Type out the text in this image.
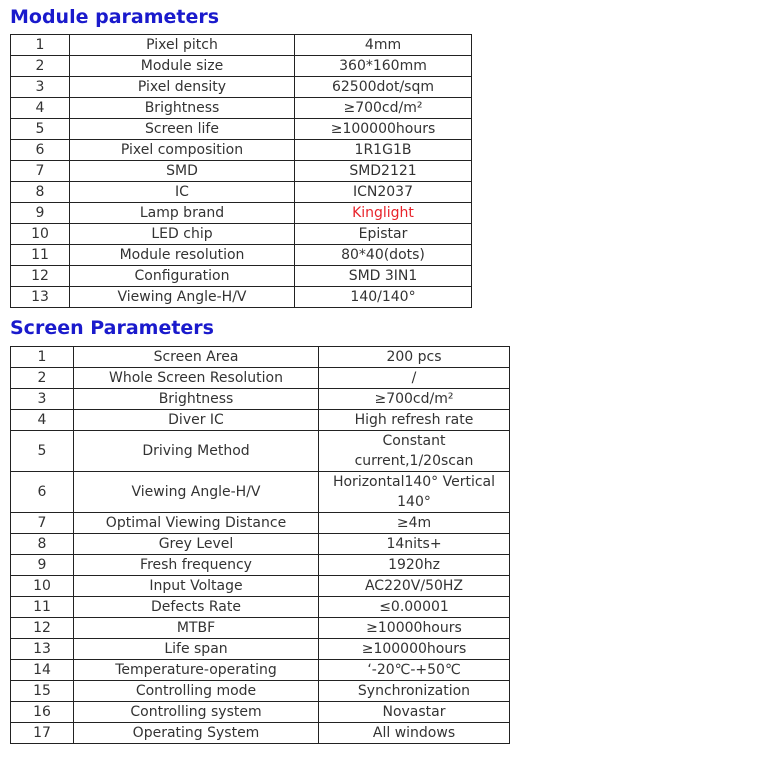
Module parameters
1	Pixel pitch	4mm
2	Module size	360*160mm
3	Pixel density	62500dot/sqm
4	Brightness	≥700cd/m²
5	Screen life	≥100000hours
6	Pixel composition	1R1G1B
7	SMD	SMD2121
8	IC	ICN2037
9	Lamp brand	Kinglight
10	LED chip	Epistar
11	Module resolution	80*40(dots)
12	Configuration	SMD 3IN1
13	Viewing Angle-H/V	140/140°
Screen Parameters
1	Screen Area	200 pcs
2	Whole Screen Resolution	/
3	Brightness	≥700cd/m²
4	Diver IC	High refresh rate
5	Driving Method	Constant current,1/20scan
6	Viewing Angle-H/V	Horizontal140° Vertical 140°
7	Optimal Viewing Distance	≥4m
8	Grey Level	14nits+
9	Fresh frequency	1920hz
10	Input Voltage	AC220V/50HZ
11	Defects Rate	≤0.00001
12	MTBF	≥10000hours
13	Life span	≥100000hours
14	Temperature-operating	‘-20℃-+50℃
15	Controlling mode	Synchronization
16	Controlling system	Novastar
17	Operating System	All windows
